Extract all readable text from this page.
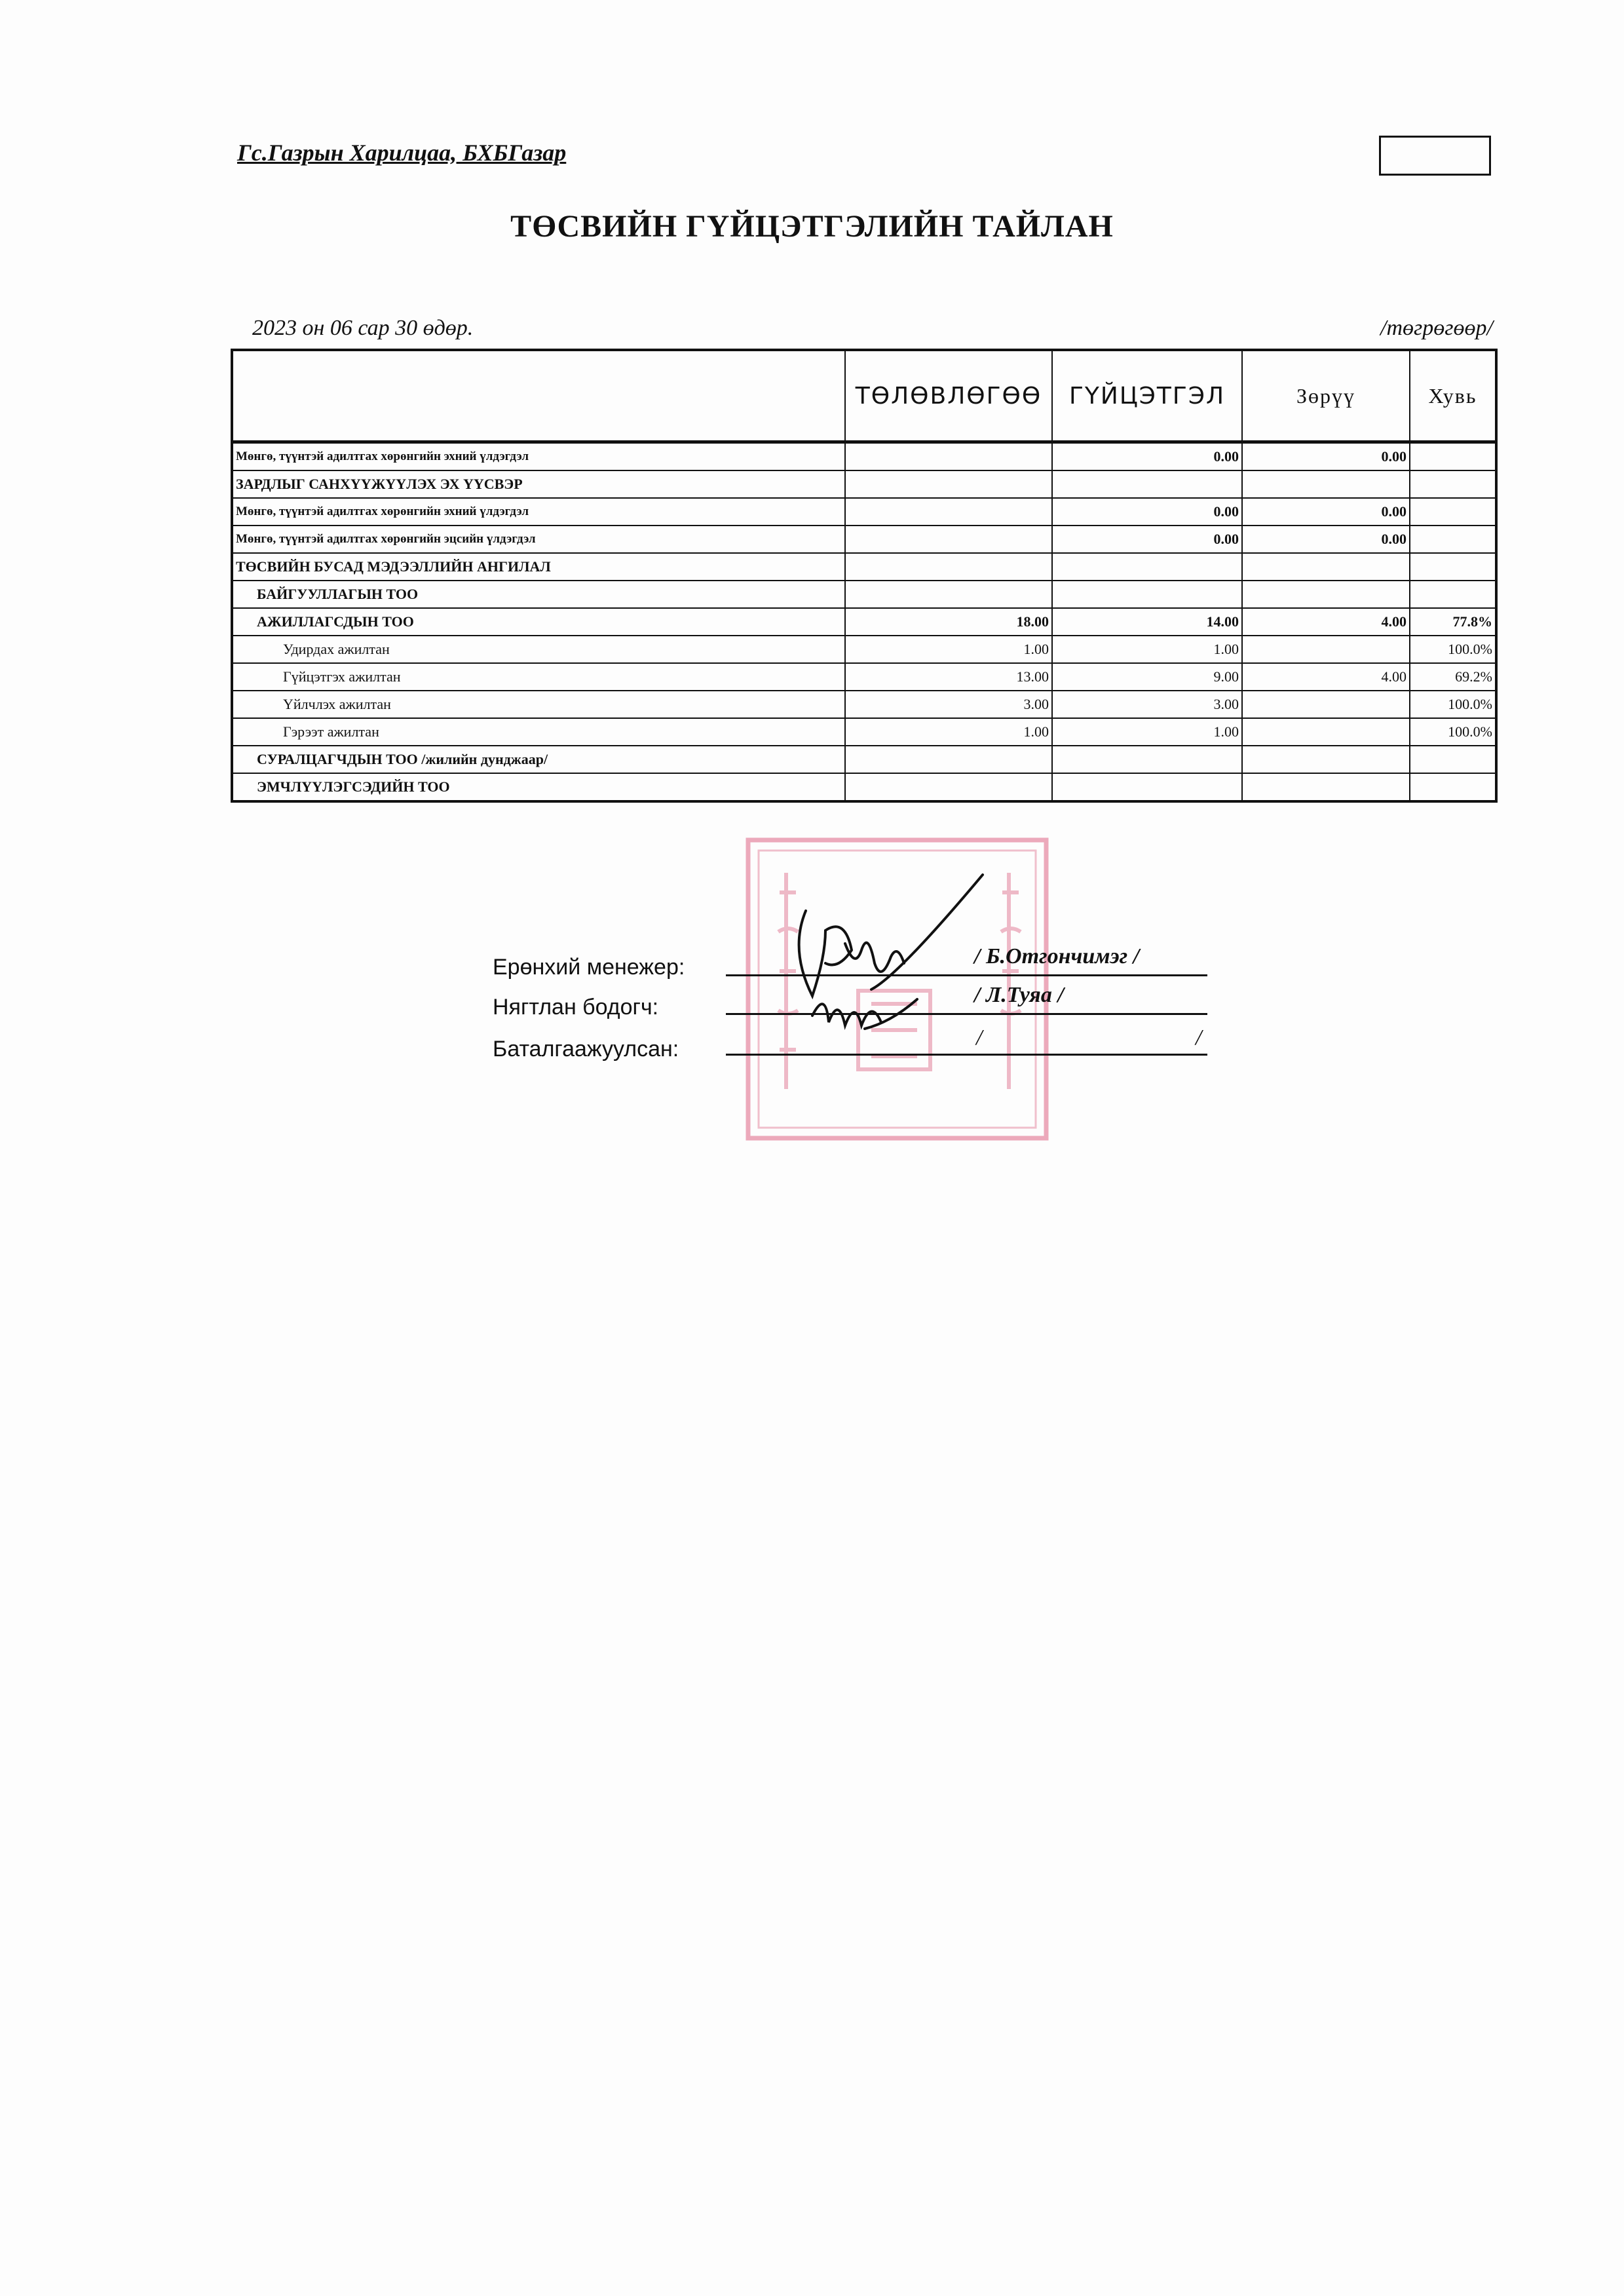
Гс.Газрын Харилцаа, БХБГазар
ТӨСВИЙН ГҮЙЦЭТГЭЛИЙН ТАЙЛАН
2023 он 06 сар 30 өдөр.	/төгрөгөөр/
	ТӨЛӨВЛӨГӨӨ	ГҮЙЦЭТГЭЛ	Зөрүү	Хувь
Мөнгө, түүнтэй адилтгах хөрөнгийн эхний үлдэгдэл		0.00	0.00	
ЗАРДЛЫГ САНХҮҮЖҮҮЛЭХ ЭХ ҮҮСВЭР				
Мөнгө, түүнтэй адилтгах хөрөнгийн эхний үлдэгдэл		0.00	0.00	
Мөнгө, түүнтэй адилтгах хөрөнгийн эцсийн үлдэгдэл		0.00	0.00	
ТӨСВИЙН БУСАД МЭДЭЭЛЛИЙН АНГИЛАЛ				
БАЙГУУЛЛАГЫН ТОО				
АЖИЛЛАГСДЫН ТОО	18.00	14.00	4.00	77.8%
Удирдах ажилтан	1.00	1.00		100.0%
Гүйцэтгэх ажилтан	13.00	9.00	4.00	69.2%
Үйлчлэх ажилтан	3.00	3.00		100.0%
Гэрээт ажилтан	1.00	1.00		100.0%
СУРАЛЦАГЧДЫН ТОО /жилийн дунджаар/				
ЭМЧЛҮҮЛЭГСЭДИЙН ТОО				
Ерөнхий менежер:	/ Б.Отгончимэг /
Нягтлан бодогч:	/ Л.Туяа /
Баталгаажуулсан:	/	/
